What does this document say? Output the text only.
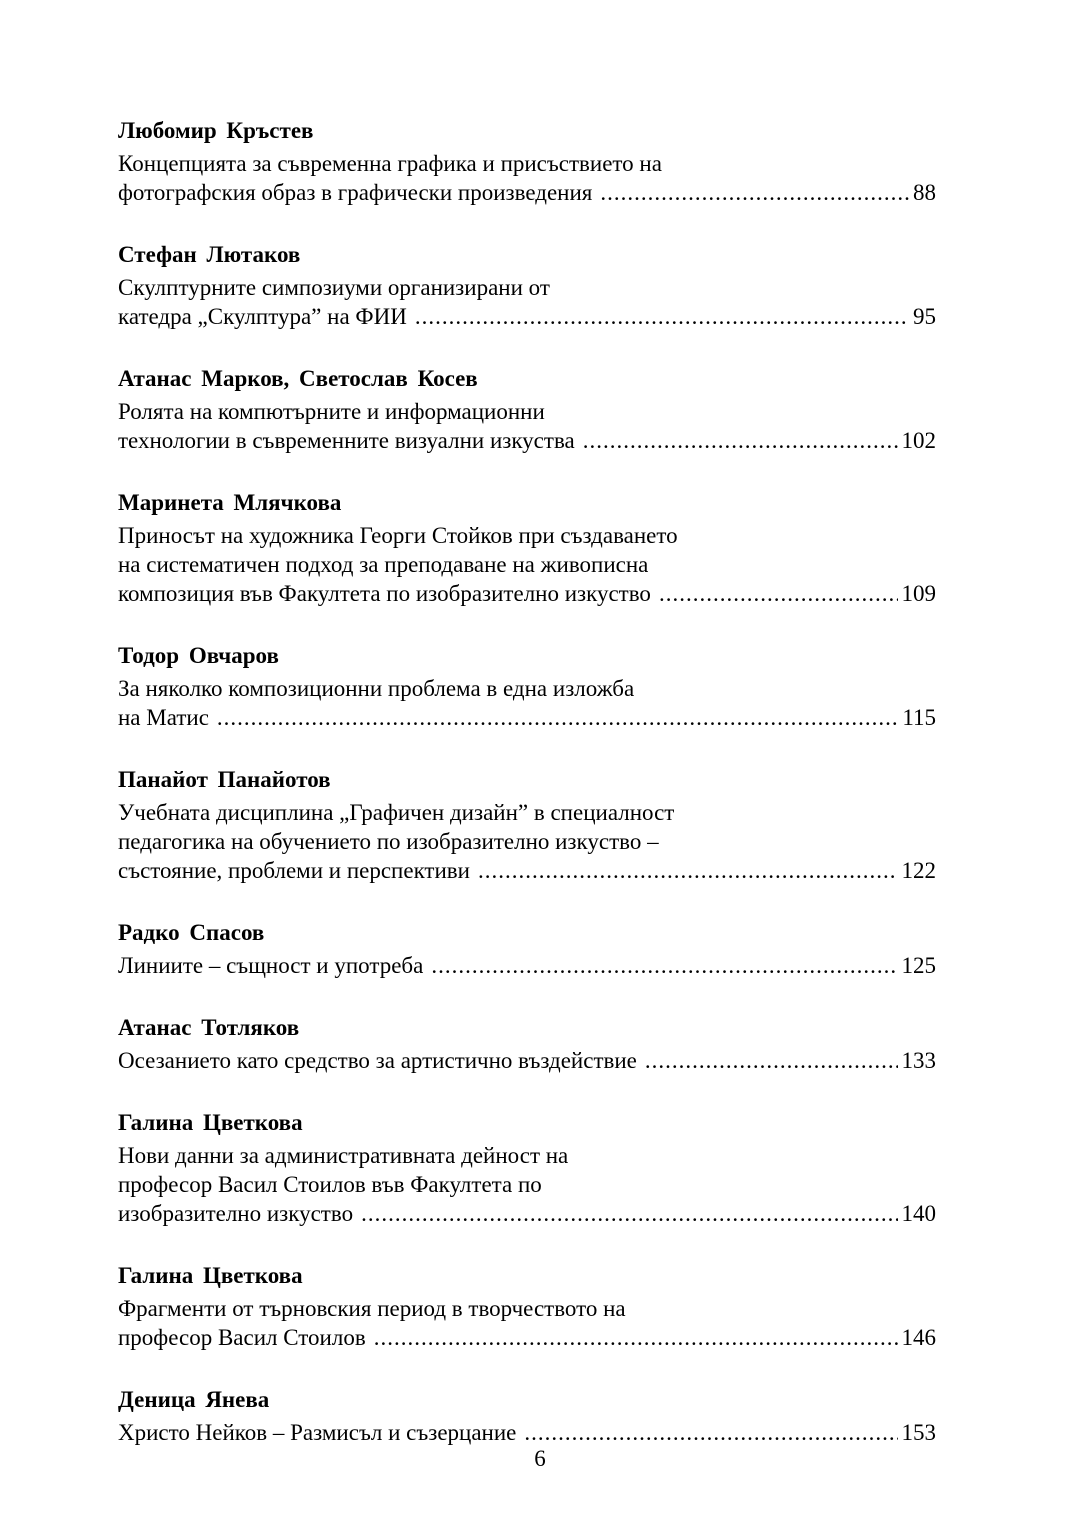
Любомир Кръстев
Концепцията за съвременна графика и присъствието на
фотографския образ в графически произведения .....	88
Стефан Лютаков
Скулптурните симпозиуми организирани от
катедра „Скулптура” на ФИИ .....	95
Атанас Марков, Светослав Косев
Ролята на компютърните и информационни
технологии в съвременните визуални изкуства .....	102
Маринета Млячкова
Приносът на художника Георги Стойков при създаването
на систематичен подход за преподаване на живописна
композиция във Факултета по изобразително изкуство .....	109
Тодор Овчаров
За няколко композиционни проблема в една изложба
на Матис .....	115
Панайот Панайотов
Учебната дисциплина „Графичен дизайн” в специалност
педагогика на обучението по изобразително изкуство –
състояние, проблеми и перспективи .....	122
Радко Спасов
Линиите – същност и употреба .....	125
Атанас Тотляков
Осезанието като средство за артистично въздействие .....	133
Галина Цветкова
Нови данни за административната дейност на
професор Васил Стоилов във Факултета по
изобразително изкуство .....	140
Галина Цветкова
Фрагменти от търновския период в творчеството на
професор Васил Стоилов .....	146
Деница Янева
Христо Нейков – Размисъл и съзерцание .....	153
6
